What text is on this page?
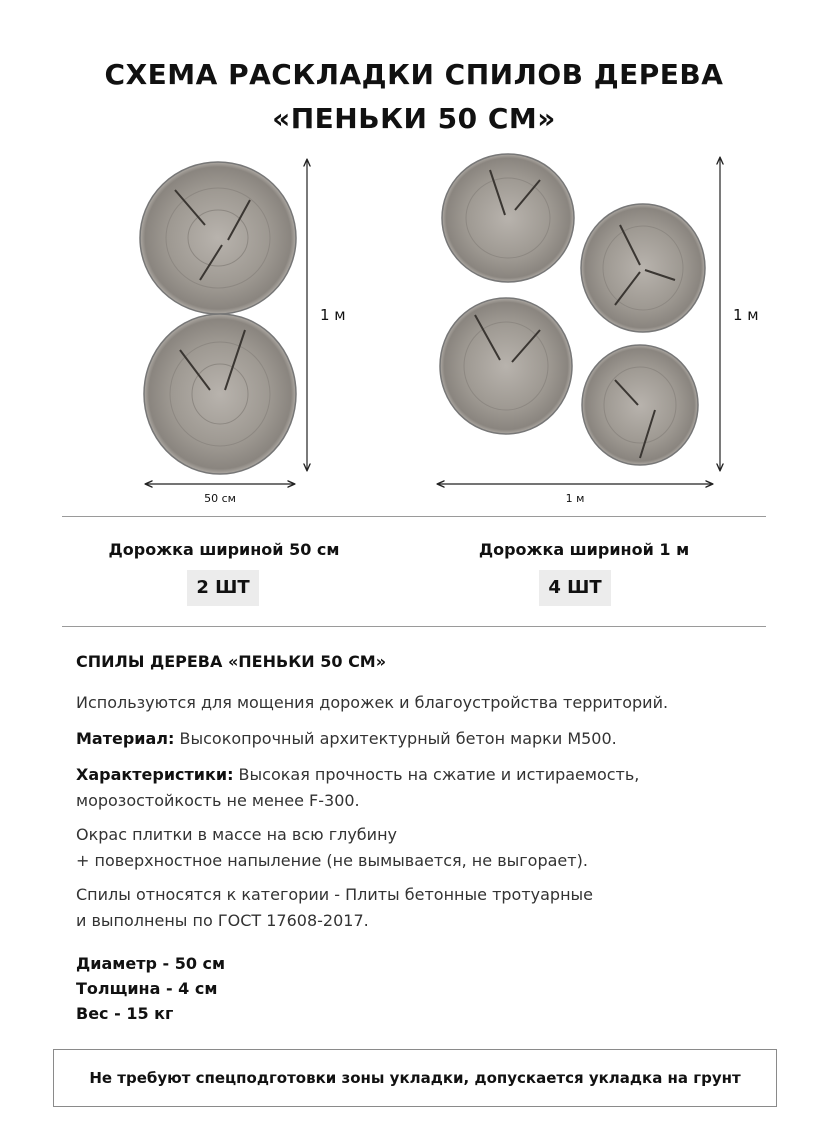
СХЕМА РАСКЛАДКИ СПИЛОВ ДЕРЕВА
«ПЕНЬКИ 50 СМ»
1 м
50 см
1 м
1 м
Дорожка шириной 50 см
2 ШТ
Дорожка шириной 1 м
4 ШТ
СПИЛЫ ДЕРЕВА «ПЕНЬКИ 50 СМ»
Используются для мощения дорожек и благоустройства территорий.
Материал: Высокопрочный архитектурный бетон марки М500.
Характеристики: Высокая прочность на сжатие и истираемость,
морозостойкость не менее F-300.
Окрас плитки в массе на всю глубину
+ поверхностное напыление (не вымывается, не выгорает).
Спилы относятся к категории - Плиты бетонные тротуарные
и выполнены по ГОСТ 17608-2017.
Диаметр - 50 см
Толщина - 4 см
Вес - 15 кг
Не требуют спецподготовки зоны укладки, допускается укладка на грунт
